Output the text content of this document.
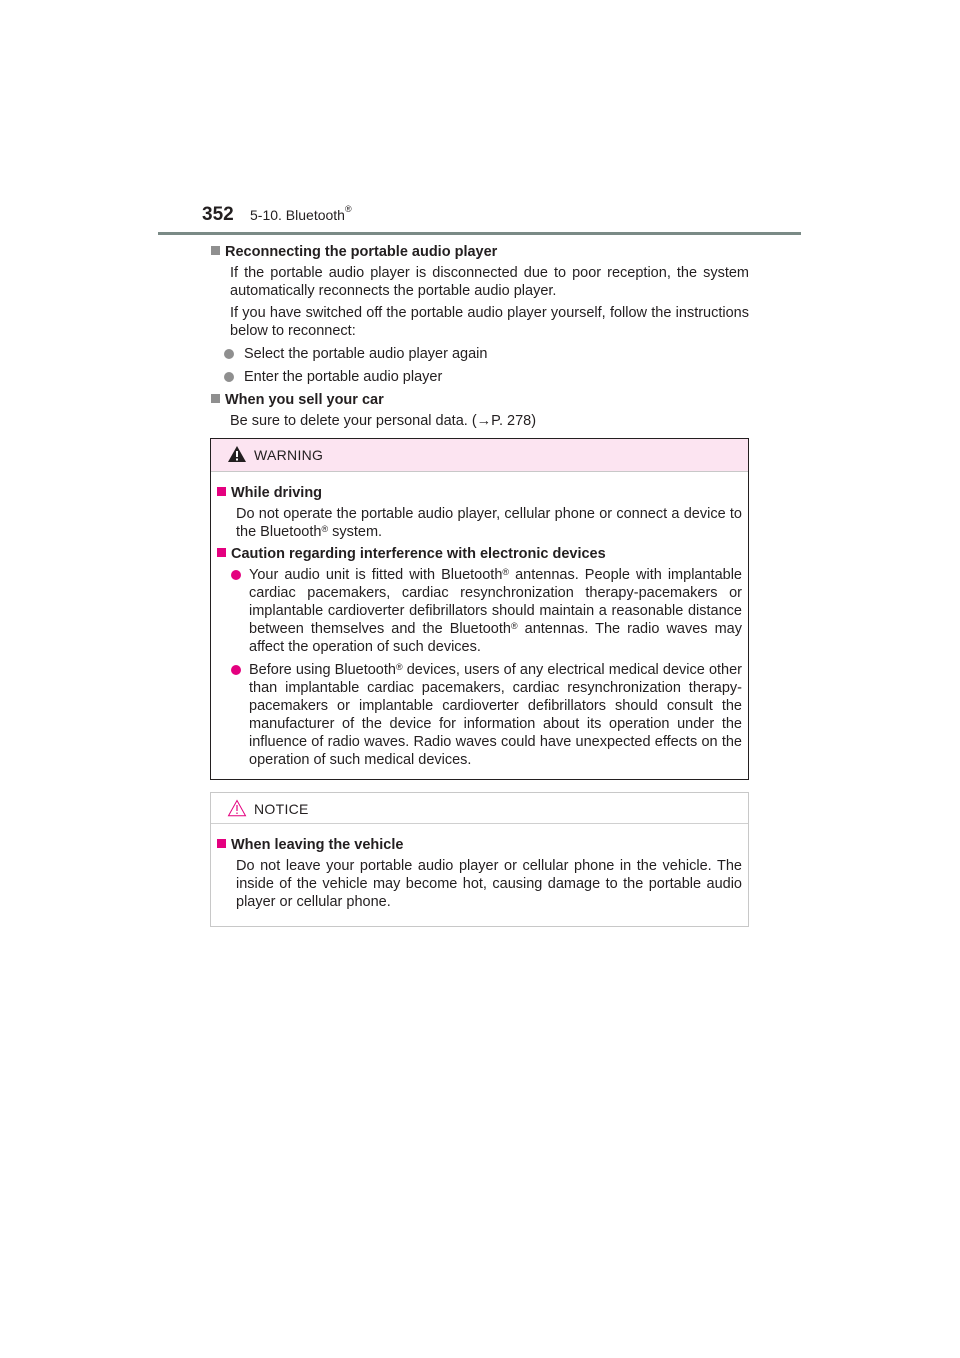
352 5-10. Bluetooth®
Reconnecting the portable audio player
If the portable audio player is disconnected due to poor reception, the system automatically reconnects the portable audio player.
If you have switched off the portable audio player yourself, follow the instructions below to reconnect:
Select the portable audio player again
Enter the portable audio player
When you sell your car
Be sure to delete your personal data. (→P. 278)
WARNING
While driving
Do not operate the portable audio player, cellular phone or connect a device to the Bluetooth® system.
Caution regarding interference with electronic devices
Your audio unit is fitted with Bluetooth® antennas. People with implantable cardiac pacemakers, cardiac resynchronization therapy-pacemakers or implantable cardioverter defibrillators should maintain a reasonable distance between themselves and the Bluetooth® antennas. The radio waves may affect the operation of such devices.
Before using Bluetooth® devices, users of any electrical medical device other than implantable cardiac pacemakers, cardiac resynchronization therapy-pacemakers or implantable cardioverter defibrillators should consult the manufacturer of the device for information about its operation under the influence of radio waves. Radio waves could have unexpected effects on the operation of such medical devices.
NOTICE
When leaving the vehicle
Do not leave your portable audio player or cellular phone in the vehicle. The inside of the vehicle may become hot, causing damage to the portable audio player or cellular phone.
